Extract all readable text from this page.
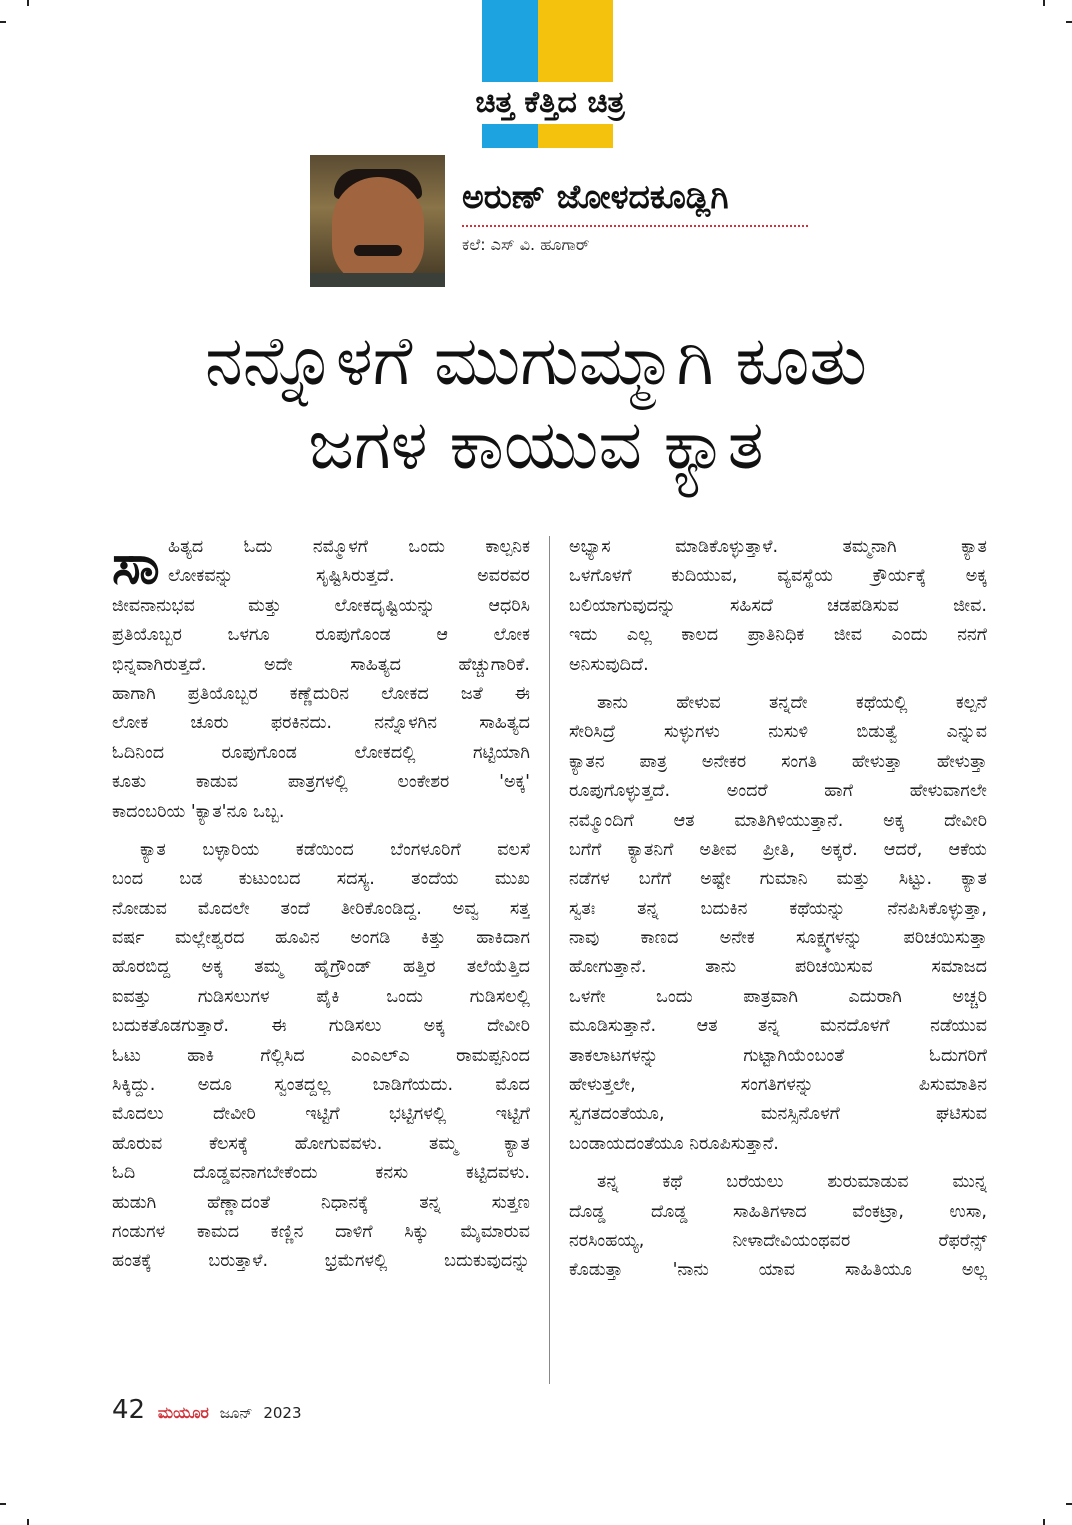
ಚಿತ್ತ ಕೆತ್ತಿದ ಚಿತ್ರ
ಅರುಣ್ ಜೋಳದಕೂಡ್ಲಿಗಿ
ಕಲೆ: ಎಸ್ ವಿ. ಹೂಗಾರ್
ನನ್ನೊಳಗೆ ಮುಗುಮ್ಮಾಗಿ ಕೂತು
ಜಗಳ ಕಾಯುವ ಕ್ಯಾತ
ಸಾ ಹಿತ್ಯದ ಓದು ನಮ್ಮೊಳಗೆ ಒಂದು ಕಾಲ್ಪನಿಕ
ಲೋಕವನ್ನು ಸೃಷ್ಟಿಸಿರುತ್ತದೆ. ಅವರವರ
ಜೀವನಾನುಭವ ಮತ್ತು ಲೋಕದೃಷ್ಟಿಯನ್ನು ಆಧರಿಸಿ
ಪ್ರತಿಯೊಬ್ಬರ ಒಳಗೂ ರೂಪುಗೊಂಡ ಆ ಲೋಕ
ಭಿನ್ನವಾಗಿರುತ್ತದೆ. ಅದೇ ಸಾಹಿತ್ಯದ ಹೆಚ್ಚುಗಾರಿಕೆ.
ಹಾಗಾಗಿ ಪ್ರತಿಯೊಬ್ಬರ ಕಣ್ಣೆದುರಿನ ಲೋಕದ ಜತೆ ಈ
ಲೋಕ ಚೂರು ಫರಕಿನದು. ನನ್ನೊಳಗಿನ ಸಾಹಿತ್ಯದ
ಓದಿನಿಂದ ರೂಪುಗೊಂಡ ಲೋಕದಲ್ಲಿ ಗಟ್ಟಿಯಾಗಿ
ಕೂತು ಕಾಡುವ ಪಾತ್ರಗಳಲ್ಲಿ ಲಂಕೇಶರ 'ಅಕ್ಕ'
ಕಾದಂಬರಿಯ 'ಕ್ಯಾತ'ನೂ ಒಬ್ಬ.

ಕ್ಯಾತ ಬಳ್ಳಾರಿಯ ಕಡೆಯಿಂದ ಬೆಂಗಳೂರಿಗೆ ವಲಸೆ
ಬಂದ ಬಡ ಕುಟುಂಬದ ಸದಸ್ಯ. ತಂದೆಯ ಮುಖ
ನೋಡುವ ಮೊದಲೇ ತಂದೆ ತೀರಿಕೊಂಡಿದ್ದ. ಅವ್ವ ಸತ್ತ
ವರ್ಷ ಮಲ್ಲೇಶ್ವರದ ಹೂವಿನ ಅಂಗಡಿ ಕಿತ್ತು ಹಾಕಿದಾಗ
ಹೊರಬಿದ್ದ ಅಕ್ಕ ತಮ್ಮ ಹೈಗ್ರೌಂಡ್ ಹತ್ತಿರ ತಲೆಯೆತ್ತಿದ
ಐವತ್ತು ಗುಡಿಸಲುಗಳ ಪೈಕಿ ಒಂದು ಗುಡಿಸಲಲ್ಲಿ
ಬದುಕತೊಡಗುತ್ತಾರೆ. ಈ ಗುಡಿಸಲು ಅಕ್ಕ ದೇವೀರಿ
ಓಟು ಹಾಕಿ ಗೆಲ್ಲಿಸಿದ ಎಂಎಲ್ಎ ರಾಮಪ್ಪನಿಂದ
ಸಿಕ್ಕಿದ್ದು. ಅದೂ ಸ್ವಂತದ್ದಲ್ಲ ಬಾಡಿಗೆಯದು. ಮೊದ
ಮೊದಲು ದೇವೀರಿ ಇಟ್ಟಿಗೆ ಭಟ್ಟಿಗಳಲ್ಲಿ ಇಟ್ಟಿಗೆ
ಹೊರುವ ಕೆಲಸಕ್ಕೆ ಹೋಗುವವಳು. ತಮ್ಮ ಕ್ಯಾತ
ಓದಿ ದೊಡ್ಡವನಾಗಬೇಕೆಂದು ಕನಸು ಕಟ್ಟಿದವಳು.
ಹುಡುಗಿ ಹೆಣ್ಣಾದಂತೆ ನಿಧಾನಕ್ಕೆ ತನ್ನ ಸುತ್ತಣ
ಗಂಡುಗಳ ಕಾಮದ ಕಣ್ಣಿನ ದಾಳಿಗೆ ಸಿಕ್ಕು ಮೈಮಾರುವ
ಹಂತಕ್ಕೆ ಬರುತ್ತಾಳೆ. ಭ್ರಮೆಗಳಲ್ಲಿ ಬದುಕುವುದನ್ನು

ಅಭ್ಯಾಸ ಮಾಡಿಕೊಳ್ಳುತ್ತಾಳೆ. ತಮ್ಮನಾಗಿ ಕ್ಯಾತ
ಒಳಗೊಳಗೆ ಕುದಿಯುವ, ವ್ಯವಸ್ಥೆಯ ಕ್ರೌರ್ಯಕ್ಕೆ ಅಕ್ಕ
ಬಲಿಯಾಗುವುದನ್ನು ಸಹಿಸದೆ ಚಡಪಡಿಸುವ ಜೀವ.
ಇದು ಎಲ್ಲ ಕಾಲದ ಪ್ರಾತಿನಿಧಿಕ ಜೀವ ಎಂದು ನನಗೆ
ಅನಿಸುವುದಿದೆ.

ತಾನು ಹೇಳುವ ತನ್ನದೇ ಕಥೆಯಲ್ಲಿ ಕಲ್ಪನೆ
ಸೇರಿಸಿದ್ರೆ ಸುಳ್ಳುಗಳು ನುಸುಳಿ ಬಿಡುತ್ವೆ ಎನ್ನುವ
ಕ್ಯಾತನ ಪಾತ್ರ ಅನೇಕರ ಸಂಗತಿ ಹೇಳುತ್ತಾ ಹೇಳುತ್ತಾ
ರೂಪುಗೊಳ್ಳುತ್ತದೆ. ಅಂದರೆ ಹಾಗೆ ಹೇಳುವಾಗಲೇ
ನಮ್ಮೊಂದಿಗೆ ಆತ ಮಾತಿಗಿಳಿಯುತ್ತಾನೆ. ಅಕ್ಕ ದೇವೀರಿ
ಬಗೆಗೆ ಕ್ಯಾತನಿಗೆ ಅತೀವ ಪ್ರೀತಿ, ಅಕ್ಕರೆ. ಆದರೆ, ಆಕೆಯ
ನಡೆಗಳ ಬಗೆಗೆ ಅಷ್ಟೇ ಗುಮಾನಿ ಮತ್ತು ಸಿಟ್ಟು. ಕ್ಯಾತ
ಸ್ವತಃ ತನ್ನ ಬದುಕಿನ ಕಥೆಯನ್ನು ನೆನಪಿಸಿಕೊಳ್ಳುತ್ತಾ,
ನಾವು ಕಾಣದ ಅನೇಕ ಸೂಕ್ಷ್ಮಗಳನ್ನು ಪರಿಚಯಿಸುತ್ತಾ
ಹೋಗುತ್ತಾನೆ. ತಾನು ಪರಿಚಯಿಸುವ ಸಮಾಜದ
ಒಳಗೇ ಒಂದು ಪಾತ್ರವಾಗಿ ಎದುರಾಗಿ ಅಚ್ಚರಿ
ಮೂಡಿಸುತ್ತಾನೆ. ಆತ ತನ್ನ ಮನದೊಳಗೆ ನಡೆಯುವ
ತಾಕಲಾಟಗಳನ್ನು ಗುಟ್ಟಾಗಿಯೆಂಬಂತೆ ಓದುಗರಿಗೆ
ಹೇಳುತ್ತಲೇ, ಸಂಗತಿಗಳನ್ನು ಪಿಸುಮಾತಿನ
ಸ್ವಗತದಂತೆಯೂ, ಮನಸ್ಸಿನೊಳಗೆ ಘಟಿಸುವ
ಬಂಡಾಯದಂತೆಯೂ ನಿರೂಪಿಸುತ್ತಾನೆ.

ತನ್ನ ಕಥೆ ಬರೆಯಲು ಶುರುಮಾಡುವ ಮುನ್ನ
ದೊಡ್ಡ ದೊಡ್ಡ ಸಾಹಿತಿಗಳಾದ ವೆಂಕಟ್ರಾ, ಉಸಾ,
ನರಸಿಂಹಯ್ಯ, ನೀಳಾದೇವಿಯಂಥವರ ರೆಫರೆನ್ಸ್
ಕೊಡುತ್ತಾ 'ನಾನು ಯಾವ ಸಾಹಿತಿಯೂ ಅಲ್ಲ

42 ಮಯೂರ ಜೂನ್ 2023
